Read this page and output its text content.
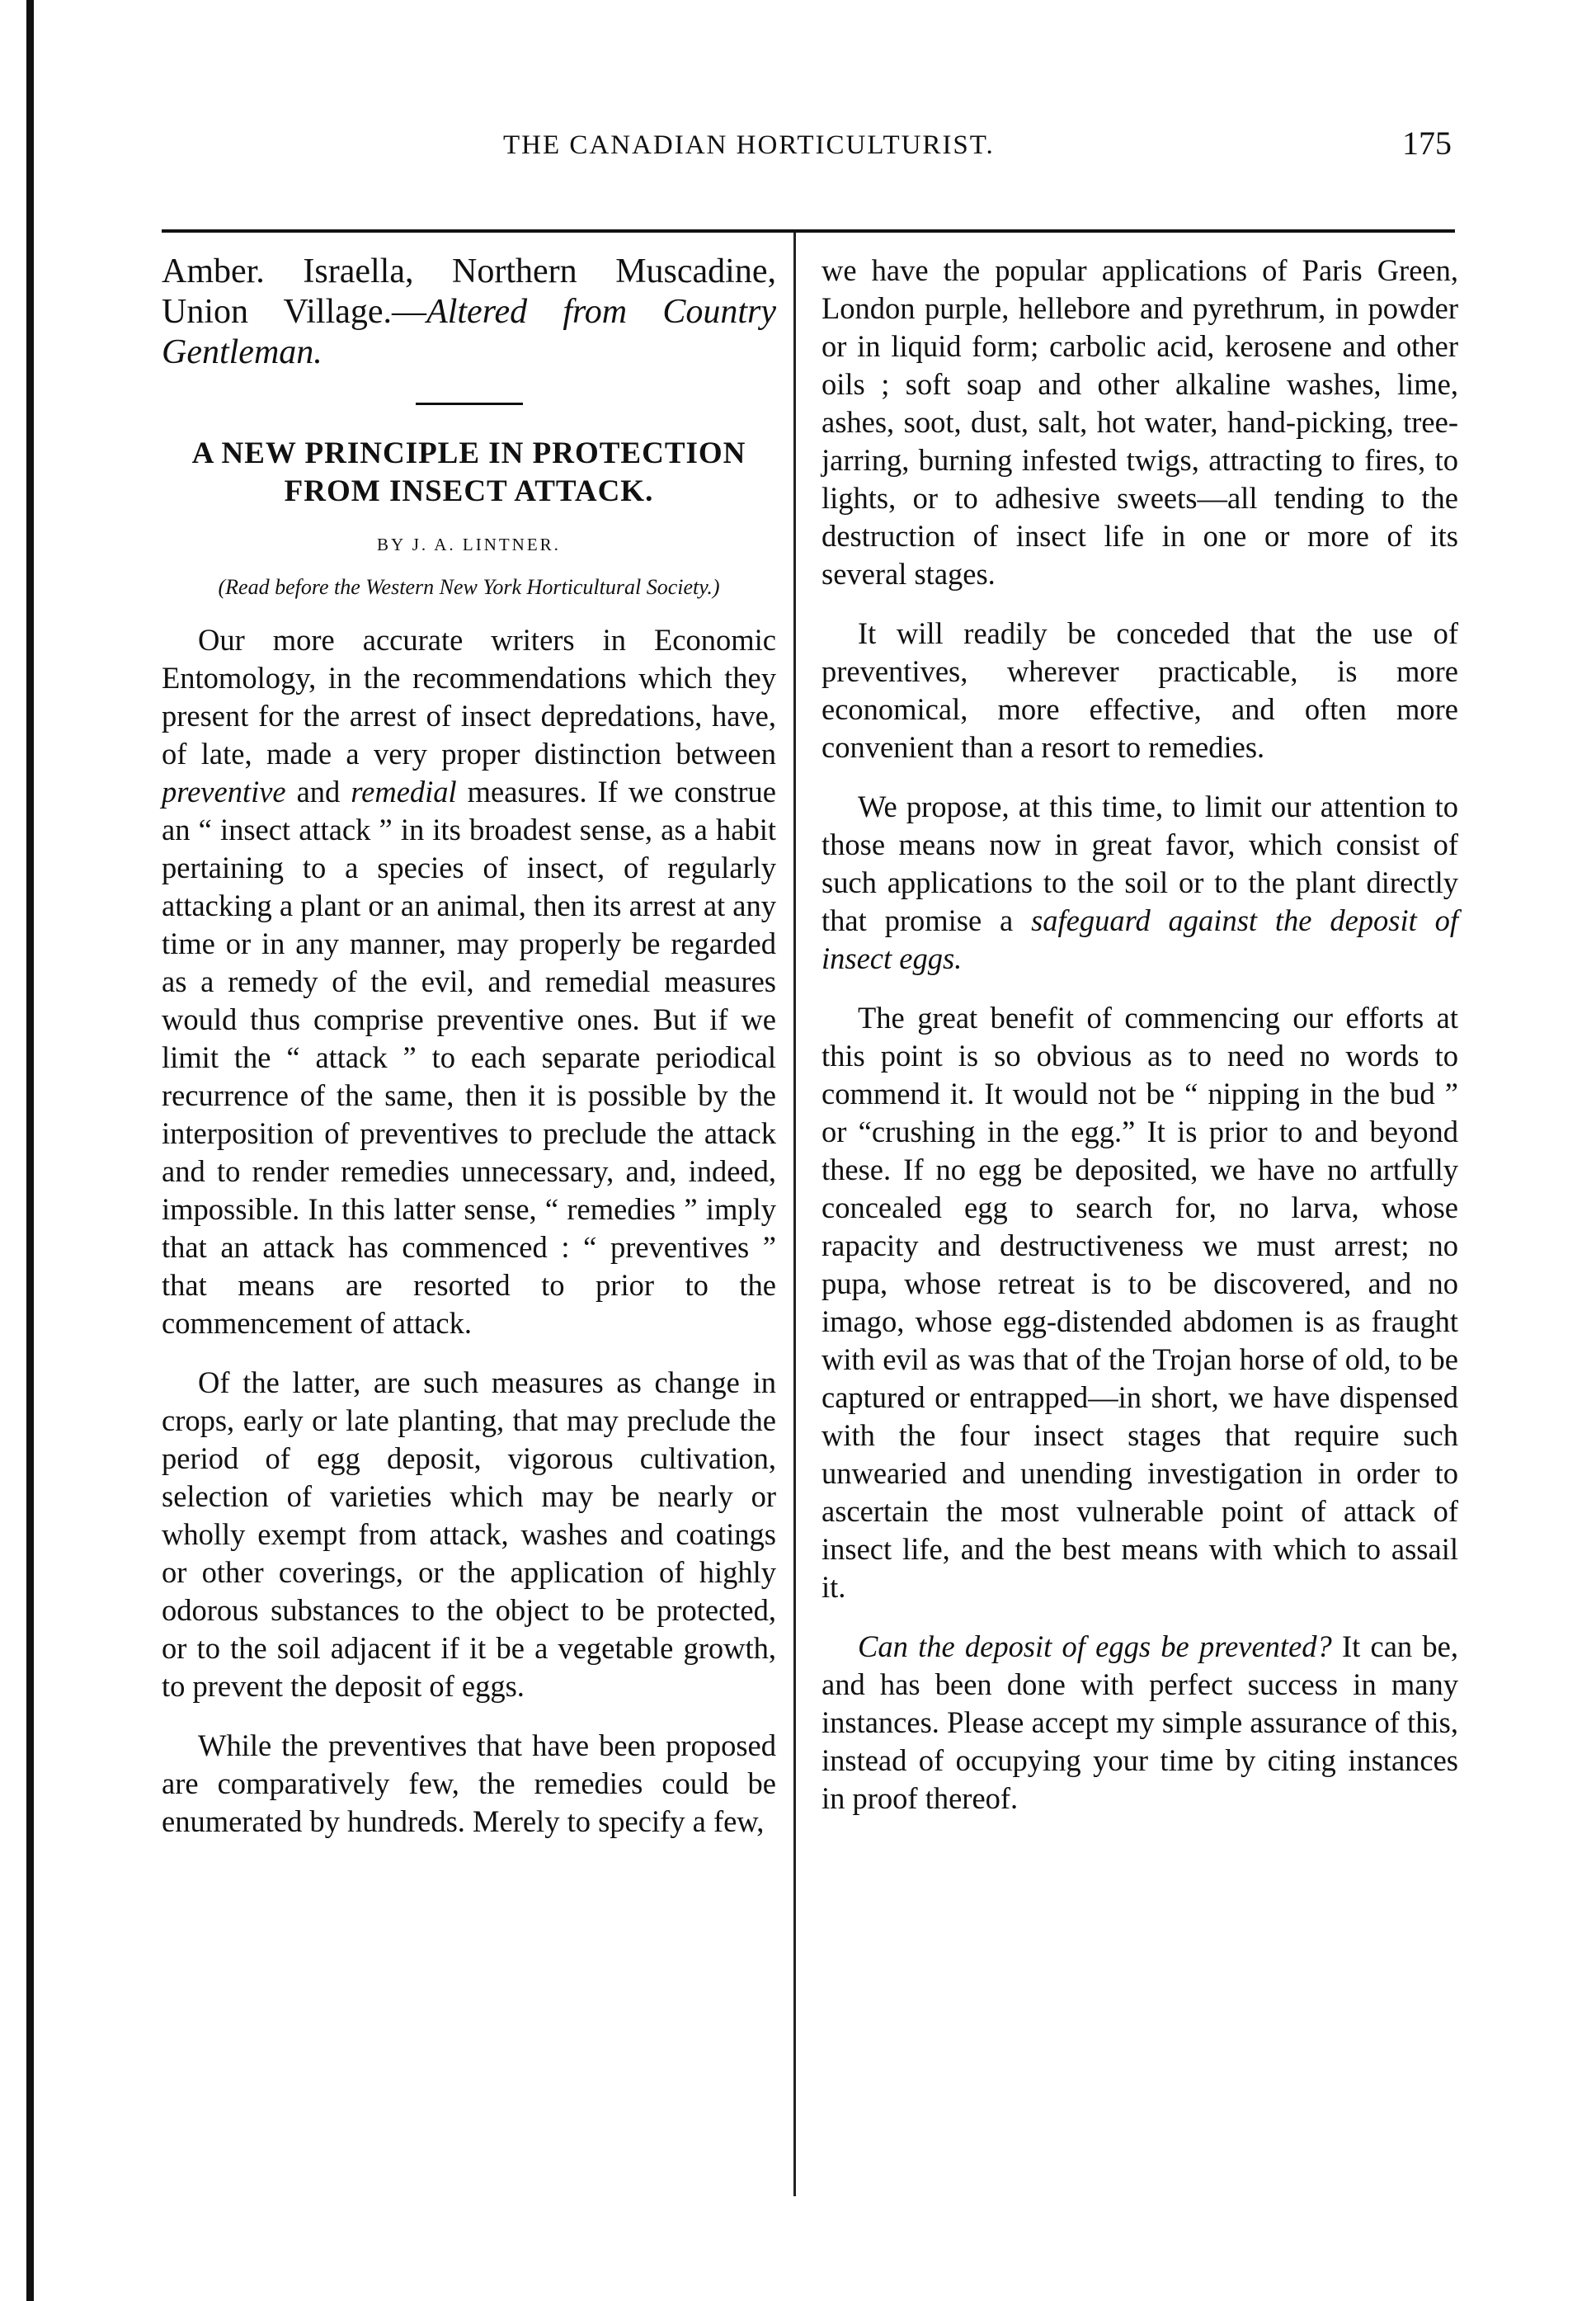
THE CANADIAN HORTICULTURIST.	175

Amber. Israella, Northern Muscadine, Union Village.—Altered from Country Gentleman.

A NEW PRINCIPLE IN PROTECTION FROM INSECT ATTACK.
BY J. A. LINTNER.
(Read before the Western New York Horticultural Society.)

Our more accurate writers in Economic Entomology, in the recommendations which they present for the arrest of insect depredations, have, of late, made a very proper distinction between preventive and remedial measures. If we construe an “ insect attack ” in its broadest sense, as a habit pertaining to a species of insect, of regularly attacking a plant or an animal, then its arrest at any time or in any manner, may properly be regarded as a remedy of the evil, and remedial measures would thus comprise preventive ones. But if we limit the “ attack ” to each separate periodical recurrence of the same, then it is possible by the interposition of preventives to preclude the attack and to render remedies unnecessary, and, indeed, impossible. In this latter sense, “ remedies ” imply that an attack has commenced : “ preventives ” that means are resorted to prior to the commencement of attack.

Of the latter, are such measures as change in crops, early or late planting, that may preclude the period of egg deposit, vigorous cultivation, selection of varieties which may be nearly or wholly exempt from attack, washes and coatings or other coverings, or the application of highly odorous substances to the object to be protected, or to the soil adjacent if it be a vegetable growth, to prevent the deposit of eggs.

While the preventives that have been proposed are comparatively few, the remedies could be enumerated by hundreds. Merely to specify a few,

we have the popular applications of Paris Green, London purple, hellebore and pyrethrum, in powder or in liquid form; carbolic acid, kerosene and other oils ; soft soap and other alkaline washes, lime, ashes, soot, dust, salt, hot water, hand-picking, tree-jarring, burning infested twigs, attracting to fires, to lights, or to adhesive sweets—all tending to the destruction of insect life in one or more of its several stages.

It will readily be conceded that the use of preventives, wherever practicable, is more economical, more effective, and often more convenient than a resort to remedies.

We propose, at this time, to limit our attention to those means now in great favor, which consist of such applications to the soil or to the plant directly that promise a safeguard against the deposit of insect eggs.

The great benefit of commencing our efforts at this point is so obvious as to need no words to commend it. It would not be “ nipping in the bud ” or “crushing in the egg.” It is prior to and beyond these. If no egg be deposited, we have no artfully concealed egg to search for, no larva, whose rapacity and destructiveness we must arrest; no pupa, whose retreat is to be discovered, and no imago, whose egg-distended abdomen is as fraught with evil as was that of the Trojan horse of old, to be captured or entrapped—in short, we have dispensed with the four insect stages that require such unwearied and unending investigation in order to ascertain the most vulnerable point of attack of insect life, and the best means with which to assail it.

Can the deposit of eggs be prevented? It can be, and has been done with perfect success in many instances. Please accept my simple assurance of this, instead of occupying your time by citing instances in proof thereof.
